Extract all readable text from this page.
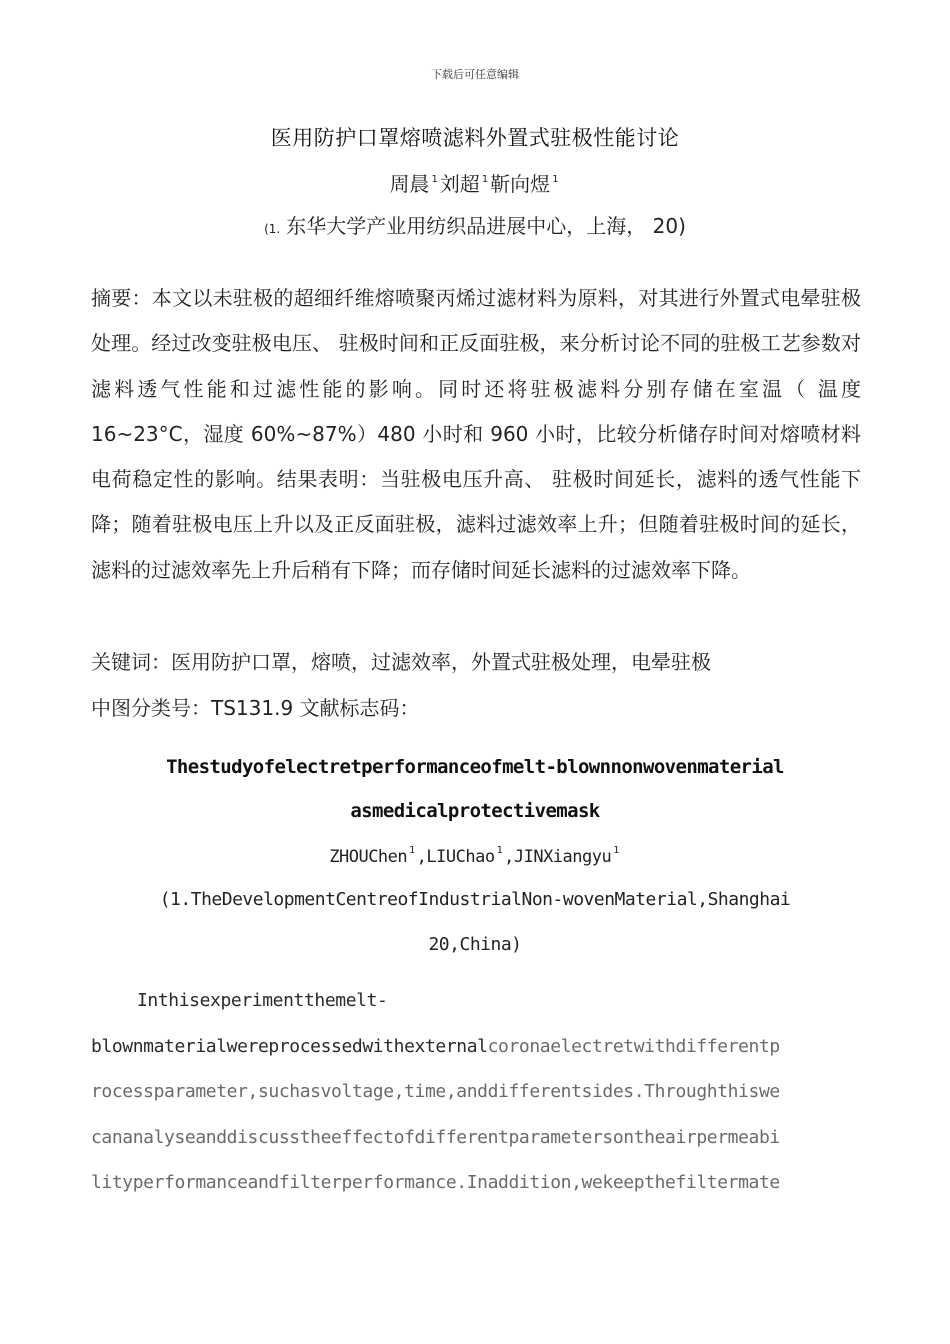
下载后可任意编辑
医用防护口罩熔喷滤料外置式驻极性能讨论
周晨 $^1$ 刘超 $^1$ 靳向煜 $^1$
(1. 东华大学产业用纺织品进展中心，上海， 20)
摘要：本文以未驻极的超细纤维熔喷聚丙烯过滤材料为原料，对其进行外置式电晕驻极处理。经过改变驻极电压、 驻极时间和正反面驻极，来分析讨论不同的驻极工艺参数对滤料透气性能和过滤性能的影响。同时还将驻极滤料分别存储在室温（ 温度 16~23°C，湿度 60%~87%）480 小时和 960 小时，比较分析储存时间对熔喷材料电荷稳定性的影响。结果表明：当驻极电压升高、 驻极时间延长，滤料的透气性能下降；随着驻极电压上升以及正反面驻极，滤料过滤效率上升；但随着驻极时间的延长，滤料的过滤效率先上升后稍有下降；而存储时间延长滤料的过滤效率下降。
关键词：医用防护口罩，熔喷，过滤效率，外置式驻极处理，电晕驻极
中图分类号：TS131.9 文献标志码：
Thestudyofelectretperformanceofmelt-blownnonwovenmaterial
asmedicalprotectivemask
ZHOUChen $^1$ ,LIUChao $^1$ ,JINXiangyu $^1$
(1.TheDevelopmentCentreofIndustrialNon-wovenMaterial,Shanghai
20,China)
Inthisexperimentthemelt-
blownmaterialwereprocessedwithexternalcoronaelectretwithdifferentp
rocessparameter,suchasvoltage,time,anddifferentsides.Throughthiswe
cananalyseanddiscusstheeffectofdifferentparametersontheairpermeabi
lityperformanceandfilterperformance.Inaddition,wekeepthefiltermate
